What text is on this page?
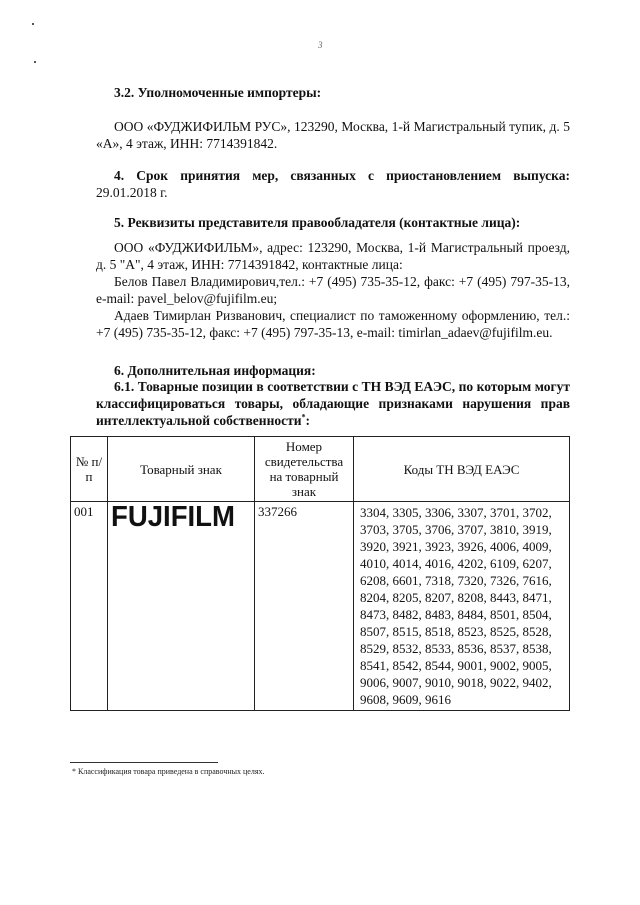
3

3.2. Уполномоченные импортеры:

ООО «ФУДЖИФИЛЬМ РУС», 123290, Москва, 1-й Магистральный тупик, д. 5 «А», 4 этаж, ИНН: 7714391842.

4. Срок принятия мер, связанных с приостановлением выпуска: 29.01.2018 г.

5. Реквизиты представителя правообладателя (контактные лица):

ООО «ФУДЖИФИЛЬМ», адрес: 123290, Москва, 1-й Магистральный проезд, д. 5 "А", 4 этаж, ИНН: 7714391842, контактные лица:

Белов Павел Владимирович,тел.: +7 (495) 735-35-12, факс: +7 (495) 797-35-13, e-mail: pavel_belov@fujifilm.eu;

Адаев Тимирлан Ризванович, специалист по таможенному оформлению, тел.: +7 (495) 735-35-12, факс: +7 (495) 797-35-13, e-mail: timirlan_adaev@fujifilm.eu.

6. Дополнительная информация:

6.1. Товарные позиции в соответствии с ТН ВЭД ЕАЭС, по которым могут классифицироваться товары, обладающие признаками нарушения прав интеллектуальной собственности*:

№ п/п	Товарный знак	Номер свидетельства на товарный знак	Коды ТН ВЭД ЕАЭС
001	FUJIFILM	337266	3304, 3305, 3306, 3307, 3701, 3702, 3703, 3705, 3706, 3707, 3810, 3919, 3920, 3921, 3923, 3926, 4006, 4009, 4010, 4014, 4016, 4202, 6109, 6207, 6208, 6601, 7318, 7320, 7326, 7616, 8204, 8205, 8207, 8208, 8443, 8471, 8473, 8482, 8483, 8484, 8501, 8504, 8507, 8515, 8518, 8523, 8525, 8528, 8529, 8532, 8533, 8536, 8537, 8538, 8541, 8542, 8544, 9001, 9002, 9005, 9006, 9007, 9010, 9018, 9022, 9402, 9608, 9609, 9616
* Классификация товара приведена в справочных целях.
